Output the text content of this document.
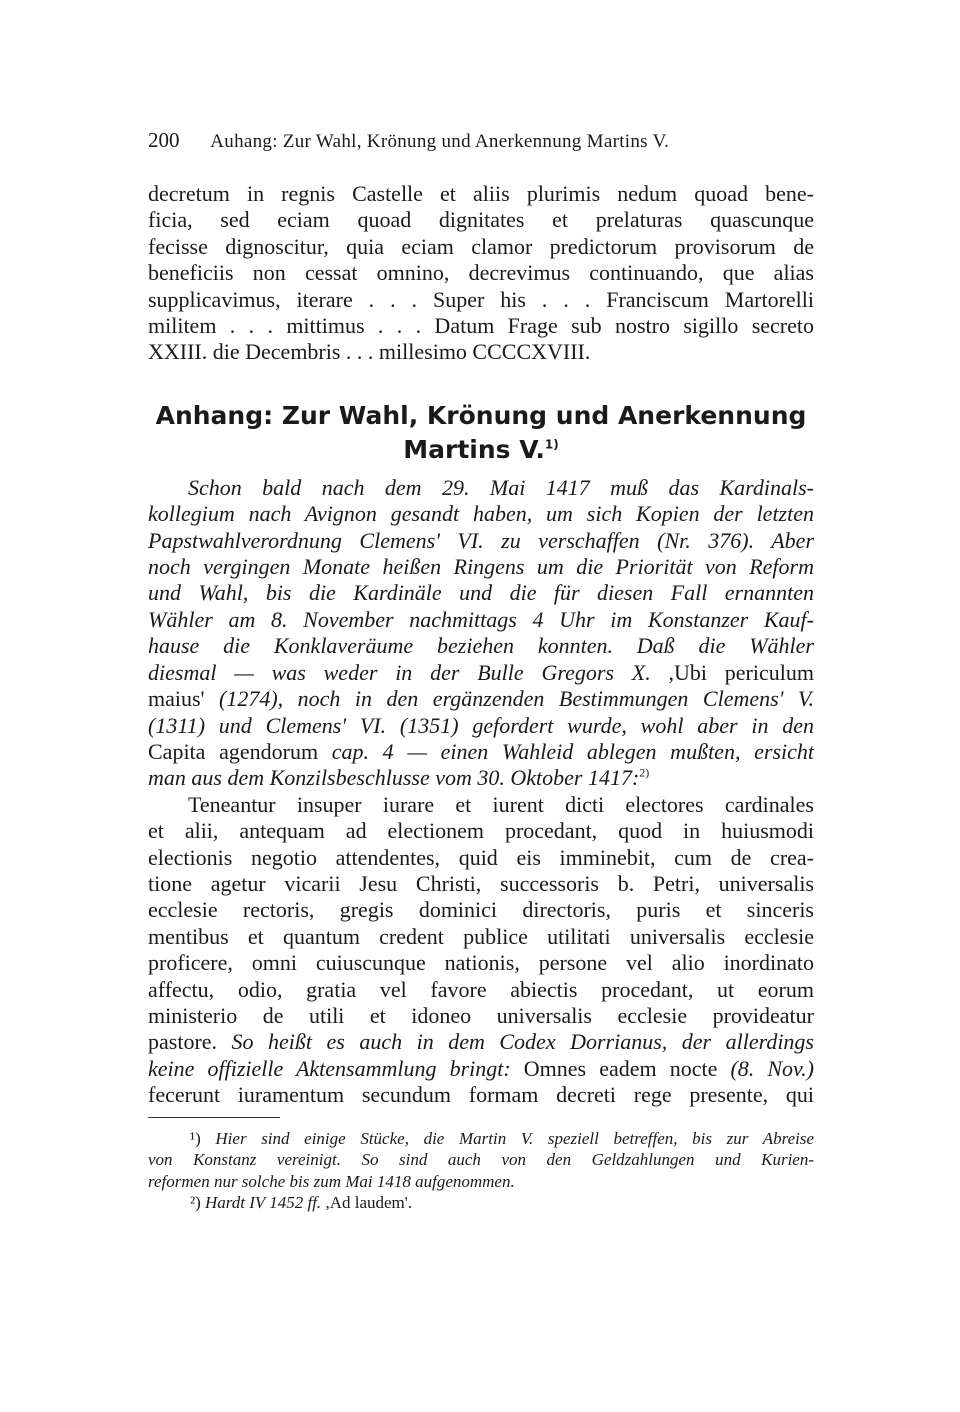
200 Auhang: Zur Wahl, Krönung und Anerkennung Martins V.
decretum in regnis Castelle et aliis plurimis nedum quoad bene-
ficia, sed eciam quoad dignitates et prelaturas quascunque
fecisse dignoscitur, quia eciam clamor predictorum provisorum de
beneficiis non cessat omnino, decrevimus continuando, que alias
supplicavimus, iterare . . . Super his . . . Franciscum Martorelli
militem . . . mittimus . . . Datum Frage sub nostro sigillo secreto
XXIII. die Decembris . . . millesimo CCCCXVIII.
Anhang: Zur Wahl, Krönung und Anerkennung
Martins V.$^{1)}$
Schon bald nach dem 29. Mai 1417 muß das Kardinals-
kollegium nach Avignon gesandt haben, um sich Kopien der letzten
Papstwahlverordnung Clemens' VI. zu verschaffen (Nr. 376). Aber
noch vergingen Monate heißen Ringens um die Priorität von Reform
und Wahl, bis die Kardinäle und die für diesen Fall ernannten
Wähler am 8. November nachmittags 4 Uhr im Konstanzer Kauf-
hause die Konklaveräume beziehen konnten. Daß die Wähler
diesmal — was weder in der Bulle Gregors X. ,Ubi periculum
maius' (1274), noch in den ergänzenden Bestimmungen Clemens' V.
(1311) und Clemens' VI. (1351) gefordert wurde, wohl aber in den
Capita agendorum cap. 4 — einen Wahleid ablegen mußten, ersicht
man aus dem Konzilsbeschlusse vom 30. Oktober 1417:$^{2)}$
Teneantur insuper iurare et iurent dicti electores cardinales
et alii, antequam ad electionem procedant, quod in huiusmodi
electionis negotio attendentes, quid eis imminebit, cum de crea-
tione agetur vicarii Jesu Christi, successoris b. Petri, universalis
ecclesie rectoris, gregis dominici directoris, puris et sinceris
mentibus et quantum credent publice utilitati universalis ecclesie
proficere, omni cuiuscunque nationis, persone vel alio inordinato
affectu, odio, gratia vel favore abiectis procedant, ut eorum
ministerio de utili et idoneo universalis ecclesie provideatur
pastore. So heißt es auch in dem Codex Dorrianus, der allerdings
keine offizielle Aktensammlung bringt: Omnes eadem nocte (8. Nov.)
fecerunt iuramentum secundum formam decreti rege presente, qui
¹) Hier sind einige Stücke, die Martin V. speziell betreffen, bis zur Abreise
von Konstanz vereinigt. So sind auch von den Geldzahlungen und Kurien-
reformen nur solche bis zum Mai 1418 aufgenommen.
²) Hardt IV 1452 ff. ,Ad laudem'.
